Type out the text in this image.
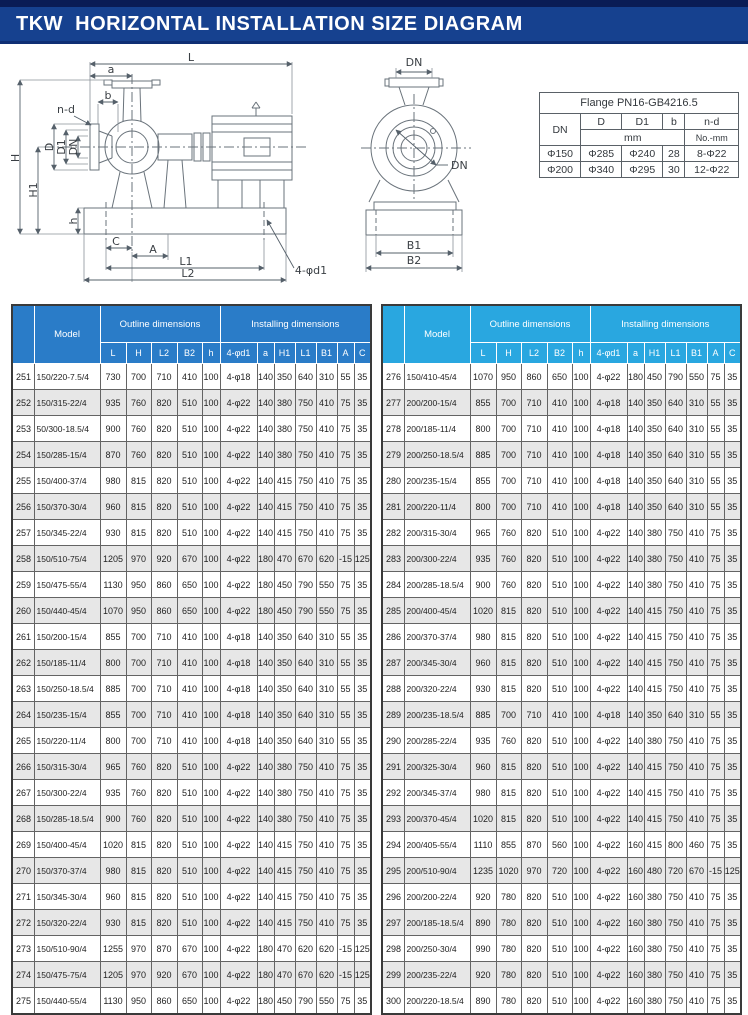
TKW  HORIZONTAL INSTALLATION SIZE DIAGRAM
L
a
b
n-d
H
H1
D D1 DN
h
C
A
L1
L2	4-φd1
DN
DN
B1
B2
Flange PN16-GB4216.5				
DN	D	D1	b	n-d
	mm			No.-mm
Φ150	Φ285	Φ240	28	8-Φ22
Φ200	Φ340	Φ295	30	12-Φ22
	Model	Outline dimensions					Installing dimensions						
		L	H	L2	B2	h	4-φd1	a	H1	L1	B1	A	C
251	150/220-7.5/4	730	700	710	410	100	4-φ18	140	350	640	310	55	35
252	150/315-22/4	935	760	820	510	100	4-φ22	140	380	750	410	75	35
253	50/300-18.5/4	900	760	820	510	100	4-φ22	140	380	750	410	75	35
254	150/285-15/4	870	760	820	510	100	4-φ22	140	380	750	410	75	35
255	150/400-37/4	980	815	820	510	100	4-φ22	140	415	750	410	75	35
256	150/370-30/4	960	815	820	510	100	4-φ22	140	415	750	410	75	35
257	150/345-22/4	930	815	820	510	100	4-φ22	140	415	750	410	75	35
258	150/510-75/4	1205	970	920	670	100	4-φ22	180	470	670	620	-15	125
259	150/475-55/4	1130	950	860	650	100	4-φ22	180	450	790	550	75	35
260	150/440-45/4	1070	950	860	650	100	4-φ22	180	450	790	550	75	35
261	150/200-15/4	855	700	710	410	100	4-φ18	140	350	640	310	55	35
262	150/185-11/4	800	700	710	410	100	4-φ18	140	350	640	310	55	35
263	150/250-18.5/4	885	700	710	410	100	4-φ18	140	350	640	310	55	35
264	150/235-15/4	855	700	710	410	100	4-φ18	140	350	640	310	55	35
265	150/220-11/4	800	700	710	410	100	4-φ18	140	350	640	310	55	35
266	150/315-30/4	965	760	820	510	100	4-φ22	140	380	750	410	75	35
267	150/300-22/4	935	760	820	510	100	4-φ22	140	380	750	410	75	35
268	150/285-18.5/4	900	760	820	510	100	4-φ22	140	380	750	410	75	35
269	150/400-45/4	1020	815	820	510	100	4-φ22	140	415	750	410	75	35
270	150/370-37/4	980	815	820	510	100	4-φ22	140	415	750	410	75	35
271	150/345-30/4	960	815	820	510	100	4-φ22	140	415	750	410	75	35
272	150/320-22/4	930	815	820	510	100	4-φ22	140	415	750	410	75	35
273	150/510-90/4	1255	970	870	670	100	4-φ22	180	470	620	620	-15	125
274	150/475-75/4	1205	970	920	670	100	4-φ22	180	470	670	620	-15	125
275	150/440-55/4	1130	950	860	650	100	4-φ22	180	450	790	550	75	35
	Model	Outline dimensions					Installing dimensions						
		L	H	L2	B2	h	4-φd1	a	H1	L1	B1	A	C
276	150/410-45/4	1070	950	860	650	100	4-φ22	180	450	790	550	75	35
277	200/200-15/4	855	700	710	410	100	4-φ18	140	350	640	310	55	35
278	200/185-11/4	800	700	710	410	100	4-φ18	140	350	640	310	55	35
279	200/250-18.5/4	885	700	710	410	100	4-φ18	140	350	640	310	55	35
280	200/235-15/4	855	700	710	410	100	4-φ18	140	350	640	310	55	35
281	200/220-11/4	800	700	710	410	100	4-φ18	140	350	640	310	55	35
282	200/315-30/4	965	760	820	510	100	4-φ22	140	380	750	410	75	35
283	200/300-22/4	935	760	820	510	100	4-φ22	140	380	750	410	75	35
284	200/285-18.5/4	900	760	820	510	100	4-φ22	140	380	750	410	75	35
285	200/400-45/4	1020	815	820	510	100	4-φ22	140	415	750	410	75	35
286	200/370-37/4	980	815	820	510	100	4-φ22	140	415	750	410	75	35
287	200/345-30/4	960	815	820	510	100	4-φ22	140	415	750	410	75	35
288	200/320-22/4	930	815	820	510	100	4-φ22	140	415	750	410	75	35
289	200/235-18.5/4	885	700	710	410	100	4-φ18	140	350	640	310	55	35
290	200/285-22/4	935	760	820	510	100	4-φ22	140	380	750	410	75	35
291	200/325-30/4	960	815	820	510	100	4-φ22	140	415	750	410	75	35
292	200/345-37/4	980	815	820	510	100	4-φ22	140	415	750	410	75	35
293	200/370-45/4	1020	815	820	510	100	4-φ22	140	415	750	410	75	35
294	200/405-55/4	1110	855	870	560	100	4-φ22	160	415	800	460	75	35
295	200/510-90/4	1235	1020	970	720	100	4-φ22	160	480	720	670	-15	125
296	200/200-22/4	920	780	820	510	100	4-φ22	160	380	750	410	75	35
297	200/185-18.5/4	890	780	820	510	100	4-φ22	160	380	750	410	75	35
298	200/250-30/4	990	780	820	510	100	4-φ22	160	380	750	410	75	35
299	200/235-22/4	920	780	820	510	100	4-φ22	160	380	750	410	75	35
300	200/220-18.5/4	890	780	820	510	100	4-φ22	160	380	750	410	75	35
